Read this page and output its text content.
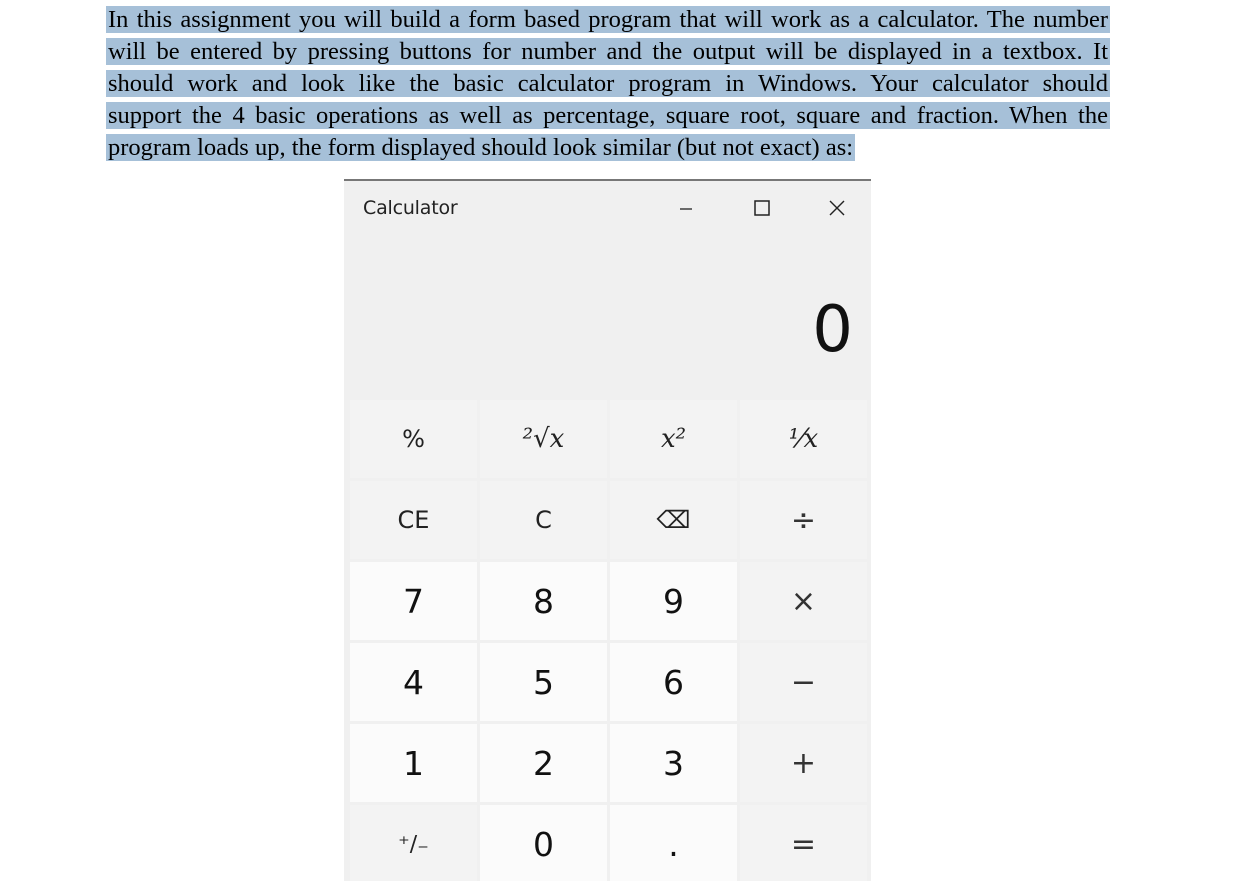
In this assignment you will build a form based program that will work as a calculator. The number
will be entered by pressing buttons for number and the output will be displayed in a textbox. It
should work and look like the basic calculator program in Windows. Your calculator should
support the 4 basic operations as well as percentage, square root, square and fraction. When the
program loads up, the form displayed should look similar (but not exact) as:
Calculator
0
%	²√x	x²	⅟x
CE	C	⌫	÷
7	8	9	×
4	5	6	−
1	2	3	+
⁺∕₋	0	.	=
